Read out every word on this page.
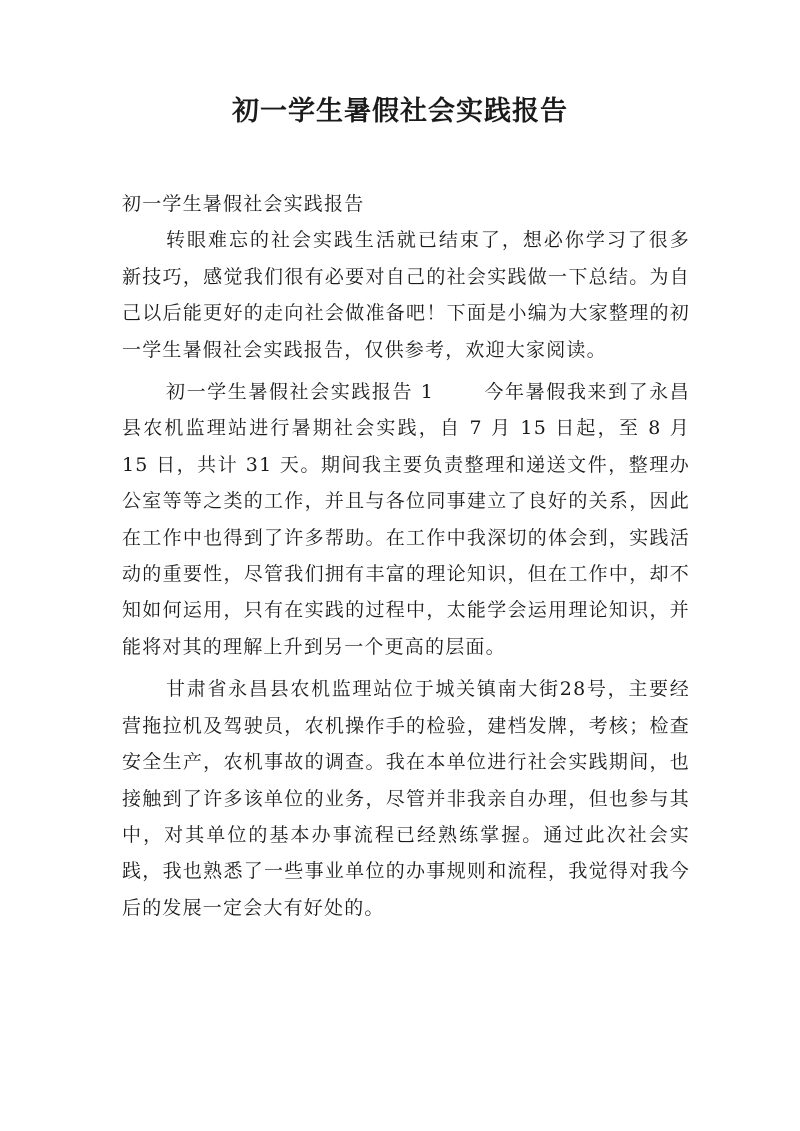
初一学生暑假社会实践报告

初一学生暑假社会实践报告

转眼难忘的社会实践生活就已结束了，想必你学习了很多新技巧，感觉我们很有必要对自己的社会实践做一下总结。为自己以后能更好的走向社会做准备吧！下面是小编为大家整理的初一学生暑假社会实践报告，仅供参考，欢迎大家阅读。

初一学生暑假社会实践报告 1	今年暑假我来到了永昌县农机监理站进行暑期社会实践，自 7 月 15 日起，至 8 月 15 日，共计 31 天。期间我主要负责整理和递送文件，整理办公室等等之类的工作，并且与各位同事建立了良好的关系，因此在工作中也得到了许多帮助。在工作中我深切的体会到，实践活动的重要性，尽管我们拥有丰富的理论知识，但在工作中，却不知如何运用，只有在实践的过程中，太能学会运用理论知识，并能将对其的理解上升到另一个更高的层面。

甘肃省永昌县农机监理站位于城关镇南大街28号，主要经营拖拉机及驾驶员，农机操作手的检验，建档发牌，考核；检查安全生产，农机事故的调查。我在本单位进行社会实践期间，也接触到了许多该单位的业务，尽管并非我亲自办理，但也参与其中，对其单位的基本办事流程已经熟练掌握。通过此次社会实践，我也熟悉了一些事业单位的办事规则和流程，我觉得对我今后的发展一定会大有好处的。
